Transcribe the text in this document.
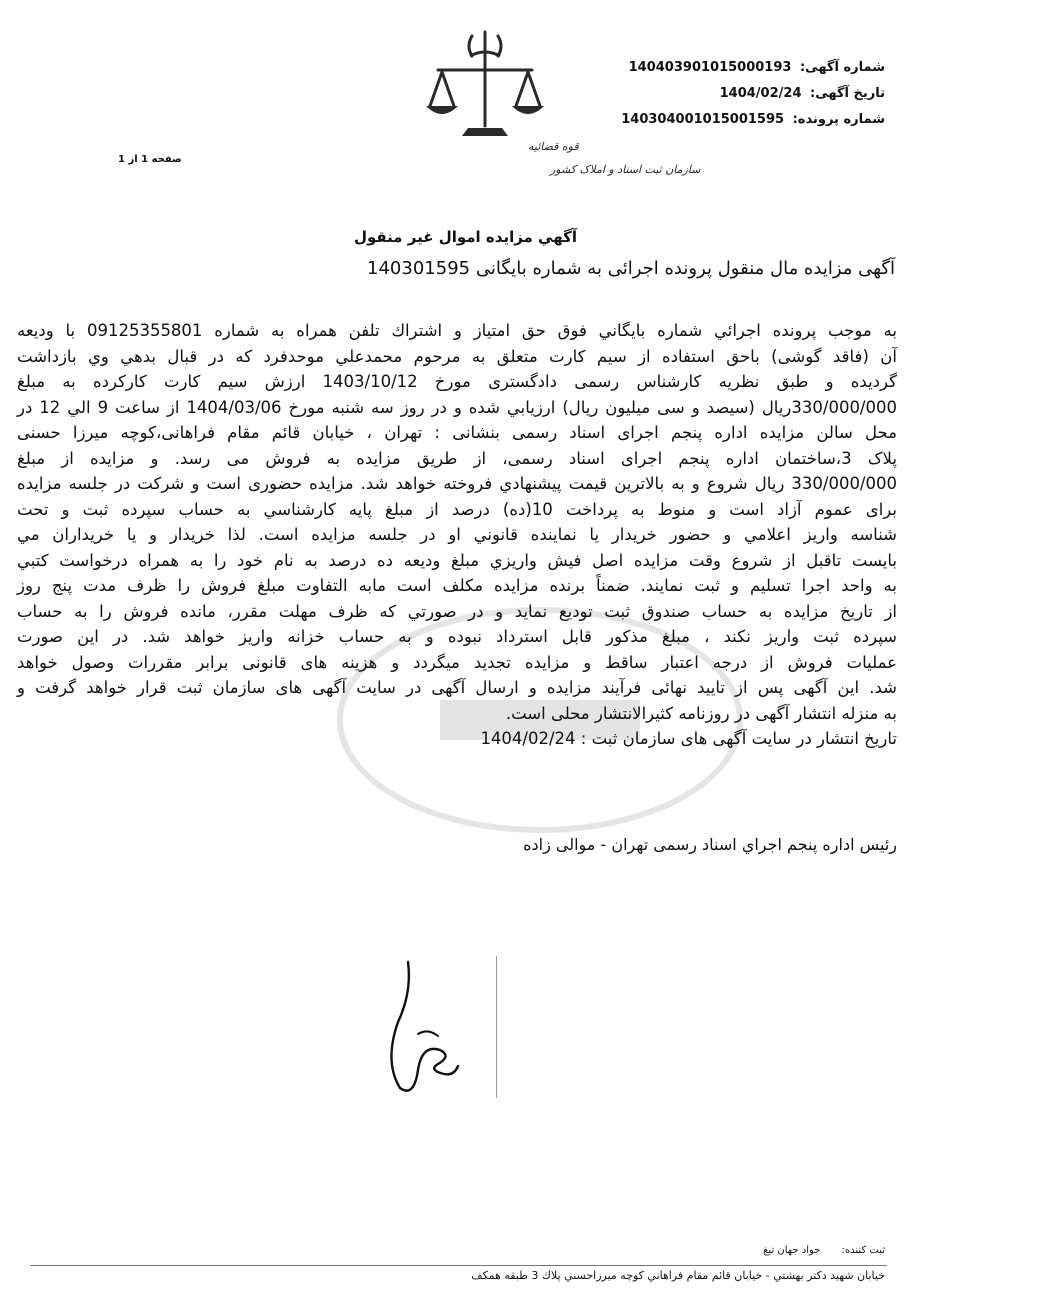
شماره آگهی: 140403901015000193
تاریخ آگهی: 1404/02/24
شماره پرونده: 140304001015001595
صفحه 1 از 1
قوه قضائیه
سازمان ثبت اسناد و املاک کشور
آگهي مزايده اموال غير منقول
آگهی مزایده مال منقول پرونده اجرائی به شماره بایگانی 140301595
به موجب پرونده اجرائي شماره بايگاني فوق حق امتياز و اشتراك تلفن همراه به شماره 09125355801 با وديعه
آن (فاقد گوشی) باحق استفاده از سيم كارت متعلق به مرحوم محمدعلي موحدفرد كه در قبال بدهي وي بازداشت
گرديده و طبق نظريه كارشناس رسمی دادگستری مورخ 1403/10/12 ارزش سيم كارت كاركرده به مبلغ
330/000/000ريال (سيصد و سی ميليون ريال) ارزيابي شده و در روز سه شنبه مورخ 1404/03/06 از ساعت 9 الي 12 در
محل سالن مزايده اداره پنجم اجرای اسناد رسمی بنشانی : تهران ، خيابان قائم مقام فراهانی،کوچه ميرزا حسنی
پلاک 3،ساختمان اداره پنجم اجرای اسناد رسمی، از طريق مزايده به فروش می رسد. و مزايده از مبلغ
330/000/000 ريال شروع و به بالاترين قيمت پيشنهادي فروخته خواهد شد. مزايده حضوری است و شركت در جلسه مزايده
برای عموم آزاد است و منوط به پرداخت 10(ده) درصد از مبلغ پايه كارشناسي به حساب سپرده ثبت و تحت
شناسه واريز اعلامي و حضور خريدار يا نماينده قانوني او در جلسه مزايده است. لذا خريدار و يا خريداران مي
بايست تاقبل از شروع وقت مزايده اصل فيش واريزي مبلغ وديعه ده درصد به نام خود را به همراه درخواست كتبي
به واحد اجرا تسليم و ثبت نمايند. ضمناً برنده مزايده مكلف است مابه التفاوت مبلغ فروش را ظرف مدت پنج روز
از تاريخ مزايده به حساب صندوق ثبت توديع نمايد و در صورتي كه ظرف مهلت مقرر، مانده فروش را به حساب
سپرده ثبت واريز نكند ، مبلغ مذكور قابل استرداد نبوده و به حساب خزانه واريز خواهد شد. در اين صورت
عمليات فروش از درجه اعتبار ساقط و مزايده تجديد ميگردد و هزينه های قانونی برابر مقررات وصول خواهد
شد. اين آگهی پس از تاييد نهائی فرآيند مزايده و ارسال آگهی در سايت آگهی های سازمان ثبت قرار خواهد گرفت و
به منزله انتشار آگهی در روزنامه كثيرالانتشار محلی است.
تاريخ انتشار در سايت آگهی های سازمان ثبت : 1404/02/24
رئيس اداره پنجم اجراي اسناد رسمی تهران - موالی زاده
ثبت کننده: جواد جهان تیغ
خيابان شهيد دكتر بهشتي - خيابان قائم مقام فراهاني كوچه ميرزاحسني پلاك 3 طبقه همكف
